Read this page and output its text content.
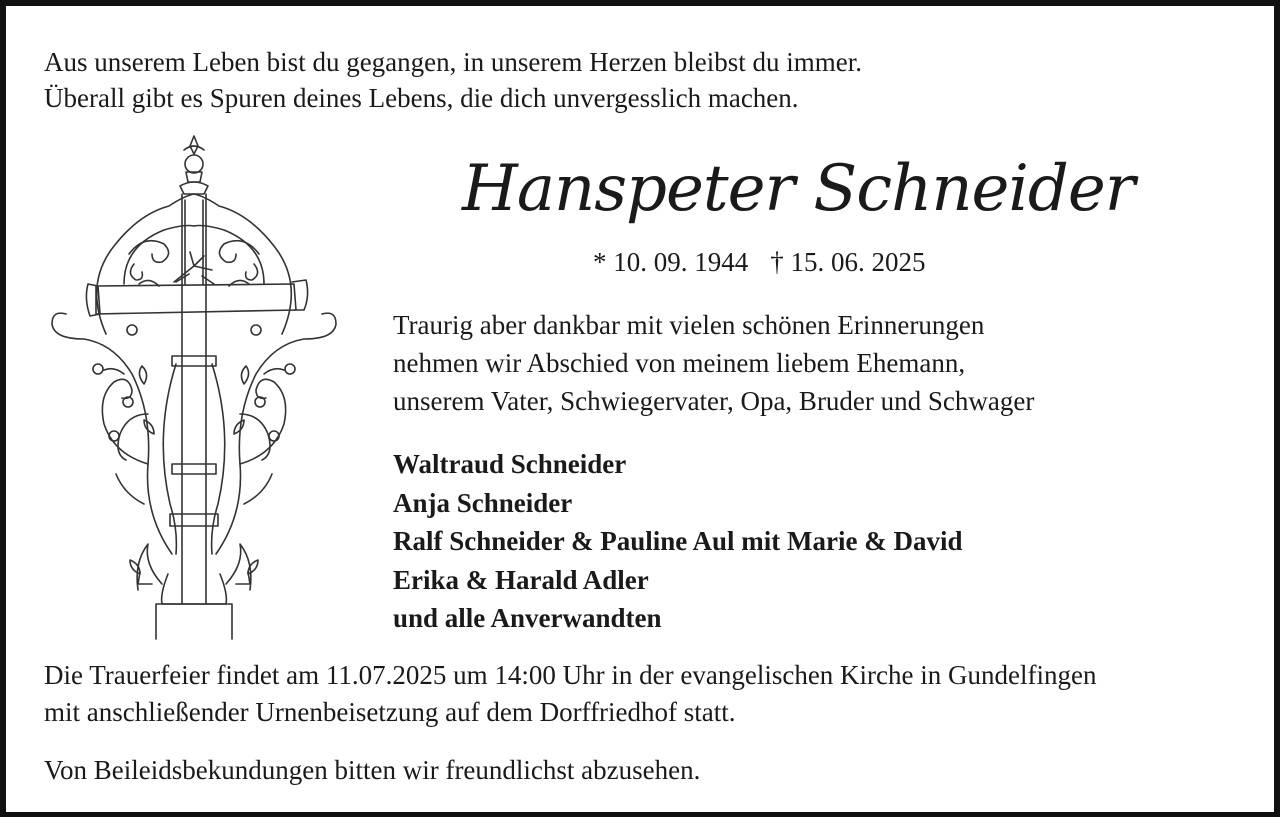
Aus unserem Leben bist du gegangen, in unserem Herzen bleibst du immer.
Überall gibt es Spuren deines Lebens, die dich unvergesslich machen.
Hanspeter Schneider
* 10. 09. 1944 † 15. 06. 2025
Traurig aber dankbar mit vielen schönen Erinnerungen
nehmen wir Abschied von meinem liebem Ehemann,
unserem Vater, Schwiegervater, Opa, Bruder und Schwager
Waltraud Schneider
Anja Schneider
Ralf Schneider & Pauline Aul mit Marie & David
Erika & Harald Adler
und alle Anverwandten
Die Trauerfeier findet am 11.07.2025 um 14:00 Uhr in der evangelischen Kirche in Gundelfingen
mit anschließender Urnenbeisetzung auf dem Dorffriedhof statt.
Von Beileidsbekundungen bitten wir freundlichst abzusehen.
